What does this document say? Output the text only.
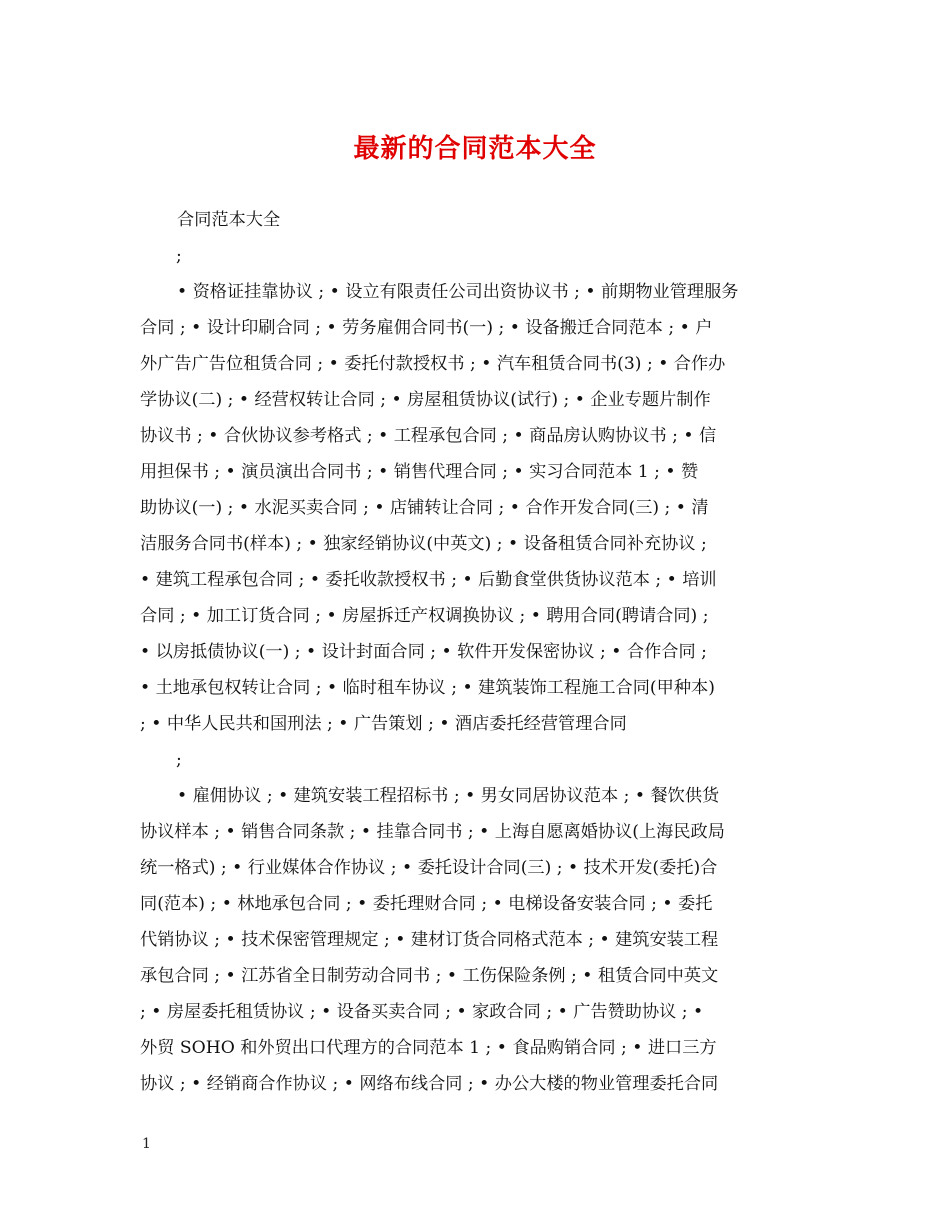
最新的合同范本大全
合同范本大全
;
• 资格证挂靠协议 ; • 设立有限责任公司出资协议书 ; • 前期物业管理服务
合同 ; • 设计印刷合同 ; • 劳务雇佣合同书(一) ; • 设备搬迁合同范本 ; • 户
外广告广告位租赁合同 ; • 委托付款授权书 ; • 汽车租赁合同书(3) ; • 合作办
学协议(二) ; • 经营权转让合同 ; • 房屋租赁协议(试行) ; • 企业专题片制作
协议书 ; • 合伙协议参考格式 ; • 工程承包合同 ; • 商品房认购协议书 ; • 信
用担保书 ; • 演员演出合同书 ; • 销售代理合同 ; • 实习合同范本 1 ; • 赞
助协议(一) ; • 水泥买卖合同 ; • 店铺转让合同 ; • 合作开发合同(三) ; • 清
洁服务合同书(样本) ; • 独家经销协议(中英文) ; • 设备租赁合同补充协议 ;
• 建筑工程承包合同 ; • 委托收款授权书 ; • 后勤食堂供货协议范本 ; • 培训
合同 ; • 加工订货合同 ; • 房屋拆迁产权调换协议 ; • 聘用合同(聘请合同) ;
• 以房抵债协议(一) ; • 设计封面合同 ; • 软件开发保密协议 ; • 合作合同 ;
• 土地承包权转让合同 ; • 临时租车协议 ; • 建筑装饰工程施工合同(甲种本)
; • 中华人民共和国刑法 ; • 广告策划 ; • 酒店委托经营管理合同
;
• 雇佣协议 ; • 建筑安装工程招标书 ; • 男女同居协议范本 ; • 餐饮供货
协议样本 ; • 销售合同条款 ; • 挂靠合同书 ; • 上海自愿离婚协议(上海民政局
统一格式) ; • 行业媒体合作协议 ; • 委托设计合同(三) ; • 技术开发(委托)合
同(范本) ; • 林地承包合同 ; • 委托理财合同 ; • 电梯设备安装合同 ; • 委托
代销协议 ; • 技术保密管理规定 ; • 建材订货合同格式范本 ; • 建筑安装工程
承包合同 ; • 江苏省全日制劳动合同书 ; • 工伤保险条例 ; • 租赁合同中英文
; • 房屋委托租赁协议 ; • 设备买卖合同 ; • 家政合同 ; • 广告赞助协议 ; •
外贸 SOHO 和外贸出口代理方的合同范本 1 ; • 食品购销合同 ; • 进口三方
协议 ; • 经销商合作协议 ; • 网络布线合同 ; • 办公大楼的物业管理委托合同
1
